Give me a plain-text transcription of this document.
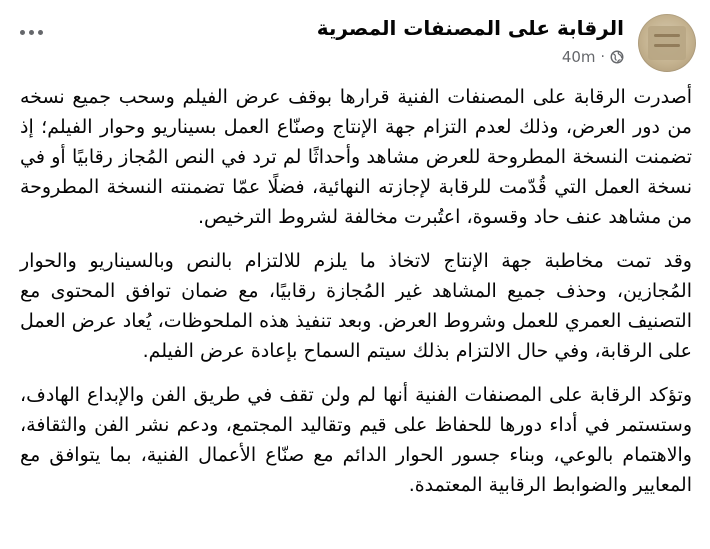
الرقابة على المصنفات المصرية
40m ·

أصدرت الرقابة على المصنفات الفنية قرارها بوقف عرض الفيلم وسحب جميع نسخه من دور العرض، وذلك لعدم التزام جهة الإنتاج وصنّاع العمل بسيناريو وحوار الفيلم؛ إذ تضمنت النسخة المطروحة للعرض مشاهد وأحداثًا لم ترد في النص المُجاز رقابيًا أو في نسخة العمل التي قُدّمت للرقابة لإجازته النهائية، فضلًا عمّا تضمنته النسخة المطروحة من مشاهد عنف حاد وقسوة، اعتُبرت مخالفة لشروط الترخيص.

وقد تمت مخاطبة جهة الإنتاج لاتخاذ ما يلزم للالتزام بالنص وبالسيناريو والحوار المُجازين، وحذف جميع المشاهد غير المُجازة رقابيًا، مع ضمان توافق المحتوى مع التصنيف العمري للعمل وشروط العرض. وبعد تنفيذ هذه الملحوظات، يُعاد عرض العمل على الرقابة، وفي حال الالتزام بذلك سيتم السماح بإعادة عرض الفيلم.

وتؤكد الرقابة على المصنفات الفنية أنها لم ولن تقف في طريق الفن والإبداع الهادف، وستستمر في أداء دورها للحفاظ على قيم وتقاليد المجتمع، ودعم نشر الفن والثقافة، والاهتمام بالوعي، وبناء جسور الحوار الدائم مع صنّاع الأعمال الفنية، بما يتوافق مع المعايير والضوابط الرقابية المعتمدة.
